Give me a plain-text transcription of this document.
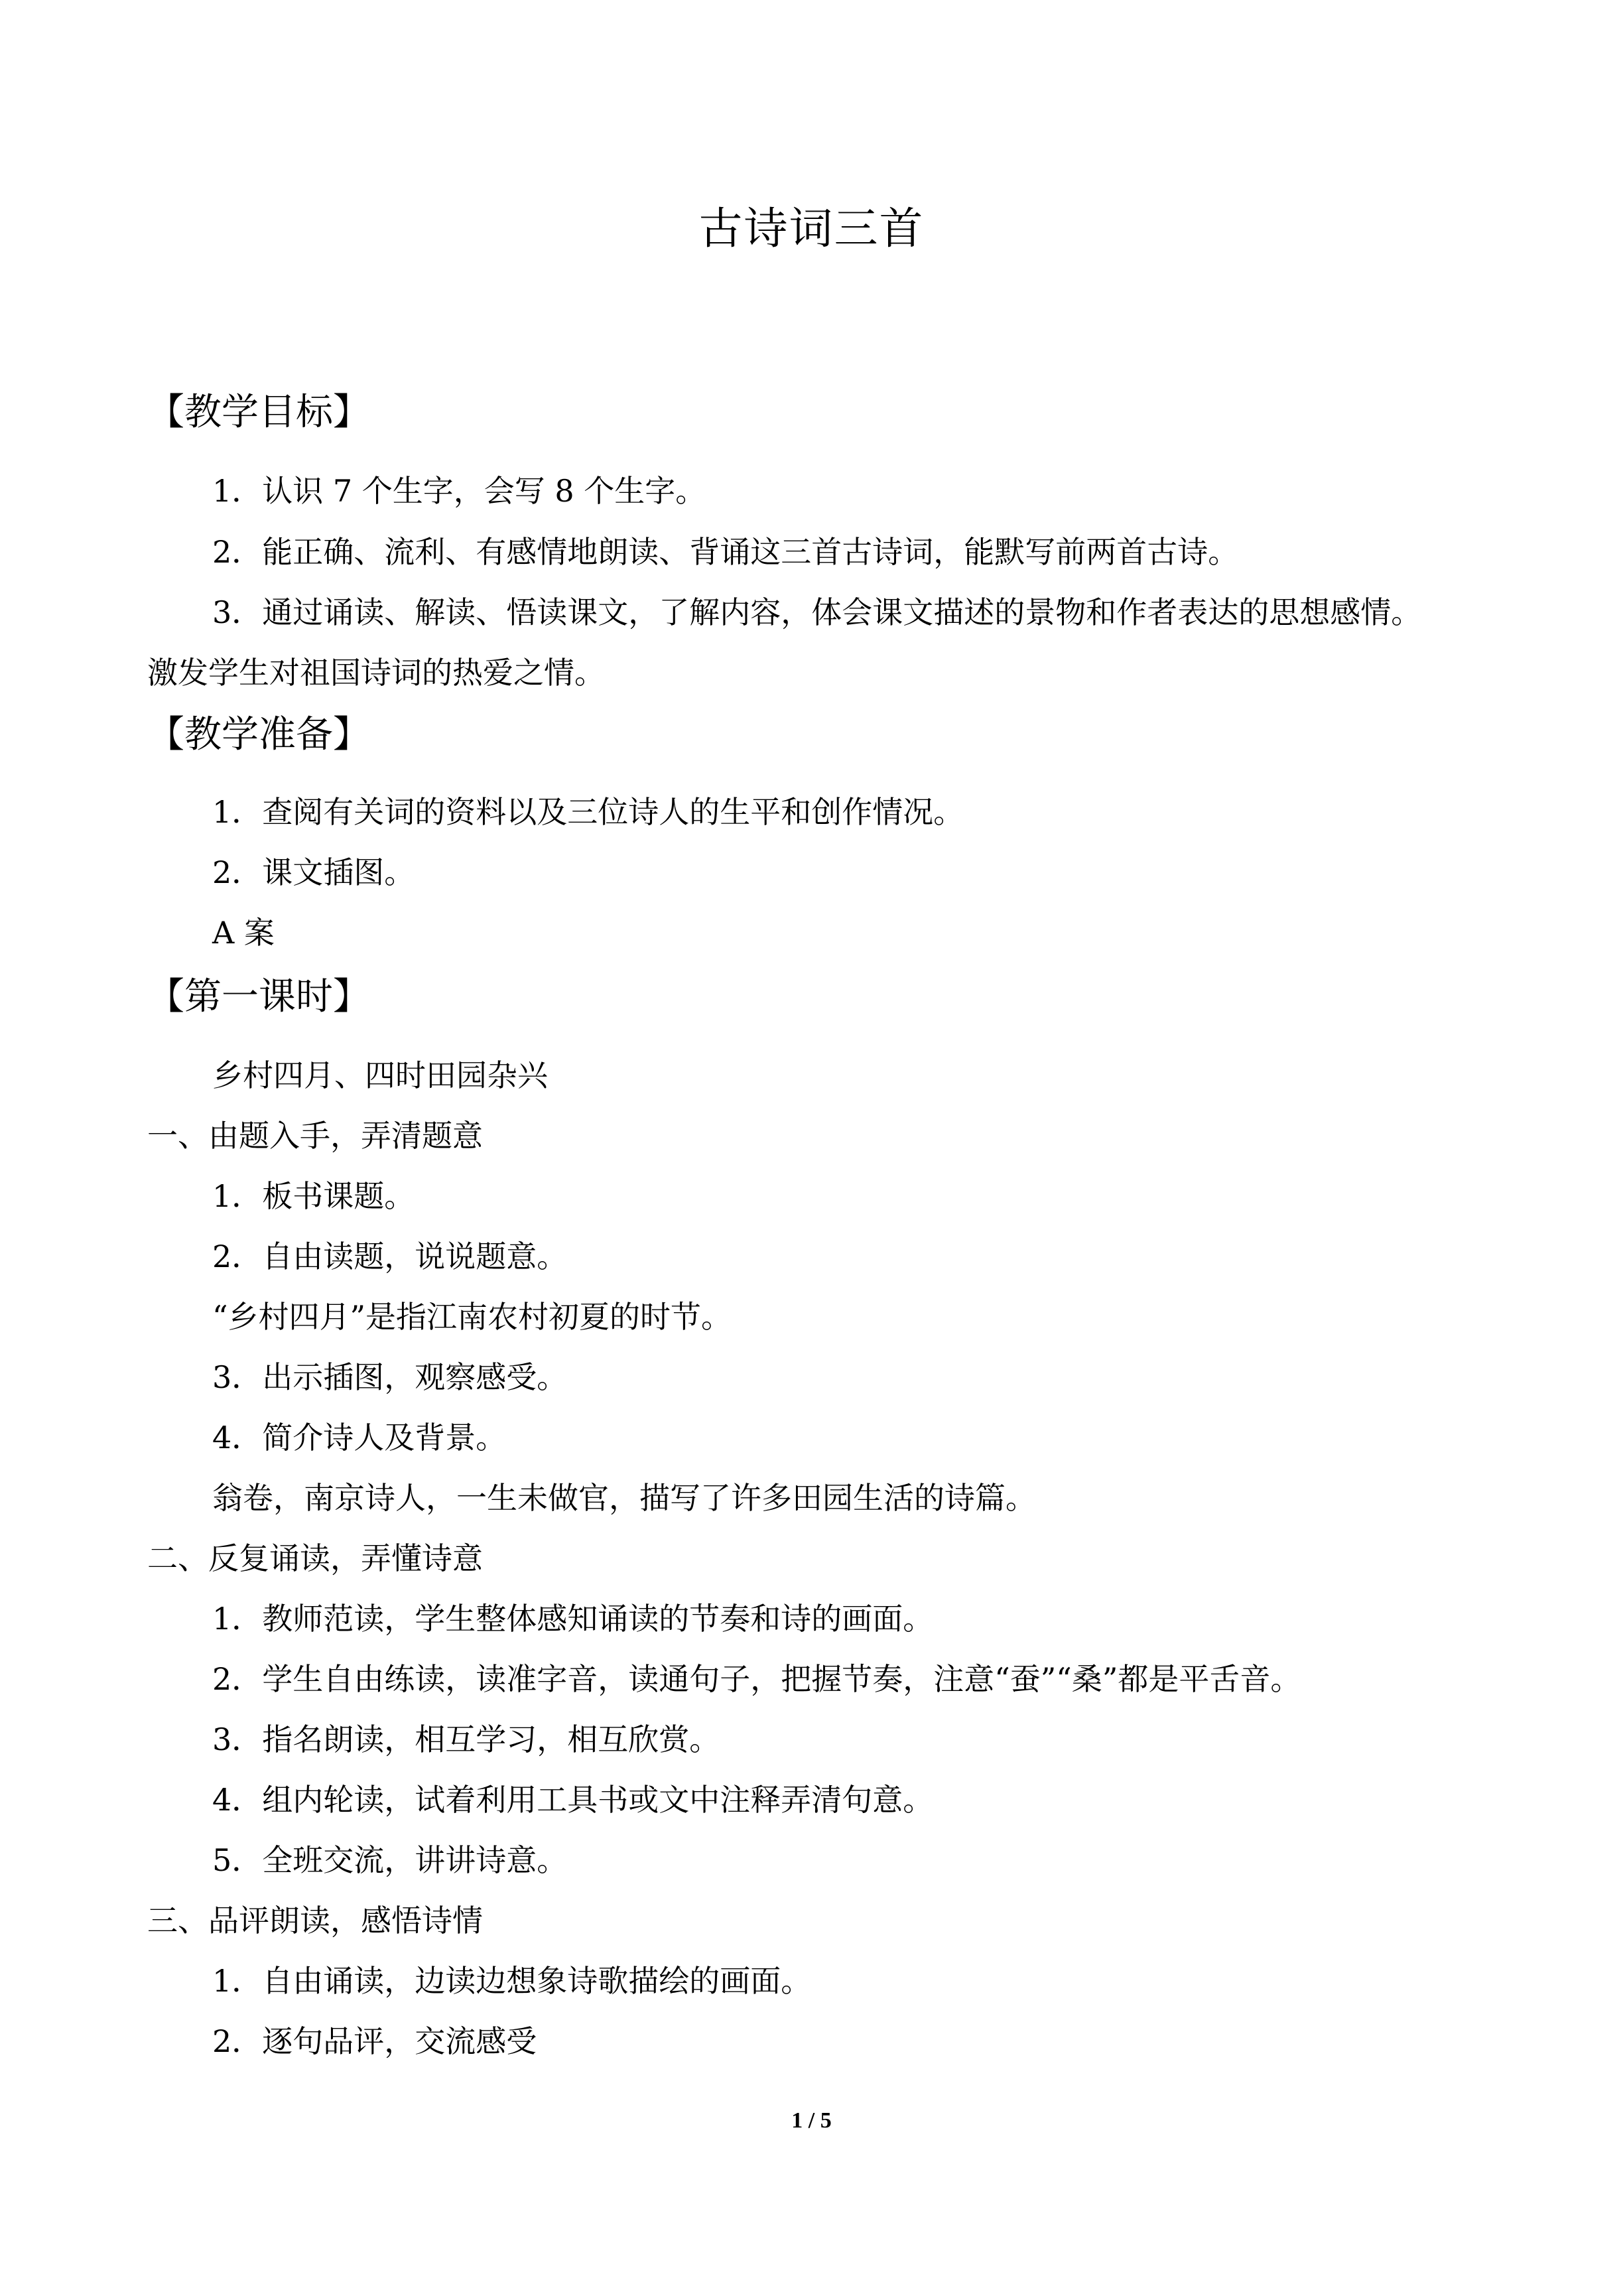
古诗词三首
【教学目标】
1．认识 7 个生字，会写 8 个生字。
2．能正确、流利、有感情地朗读、背诵这三首古诗词，能默写前两首古诗。
3．通过诵读、解读、悟读课文，了解内容，体会课文描述的景物和作者表达的思想感情。
激发学生对祖国诗词的热爱之情。
【教学准备】
1．查阅有关词的资料以及三位诗人的生平和创作情况。
2．课文插图。
A 案
【第一课时】
乡村四月、四时田园杂兴
一、由题入手，弄清题意
1．板书课题。
2．自由读题，说说题意。
“乡村四月”是指江南农村初夏的时节。
3．出示插图，观察感受。
4．简介诗人及背景。
翁卷，南京诗人，一生未做官，描写了许多田园生活的诗篇。
二、反复诵读，弄懂诗意
1．教师范读，学生整体感知诵读的节奏和诗的画面。
2．学生自由练读，读准字音，读通句子，把握节奏，注意“蚕”“桑”都是平舌音。
3．指名朗读，相互学习，相互欣赏。
4．组内轮读，试着利用工具书或文中注释弄清句意。
5．全班交流，讲讲诗意。
三、品评朗读，感悟诗情
1．自由诵读，边读边想象诗歌描绘的画面。
2．逐句品评，交流感受
1 / 5
